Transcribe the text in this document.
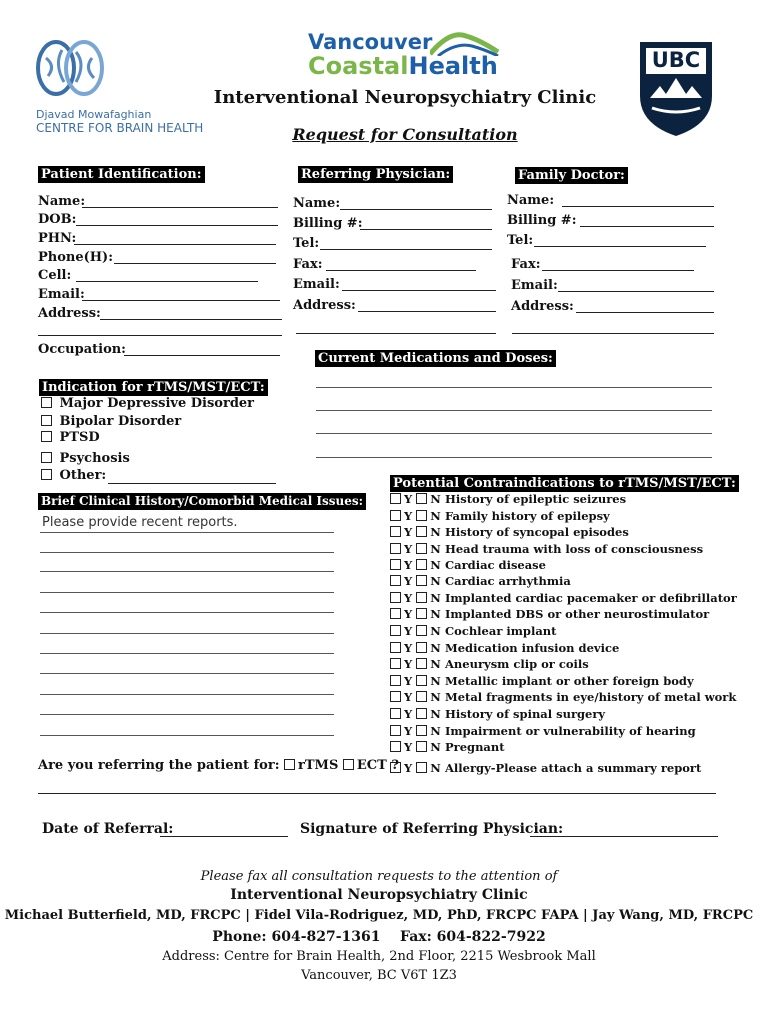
Djavad Mowafaghian
CENTRE FOR BRAIN HEALTH
Vancouver
CoastalHealth	UBC
Interventional Neuropsychiatry Clinic
Request for Consultation
Patient Identification:
Name:
DOB:
PHN:
Phone(H):
Cell:
Email:
Address:
Occupation:
Referring Physician:
Name:
Billing #:
Tel:
Fax:
Email:
Address:
Family Doctor:
Name:
Billing #:
Tel:
Fax:
Email:
Address:
Current Medications and Doses:
Indication for rTMS/MST/ECT:
Major Depressive Disorder
Bipolar Disorder
PTSD
Psychosis
Other:
Brief Clinical History/Comorbid Medical Issues:
Please provide recent reports.
Potential Contraindications to rTMS/MST/ECT:
Y N History of epileptic seizures
Y N Family history of epilepsy
Y N History of syncopal episodes
Y N Head trauma with loss of consciousness
Y N Cardiac disease
Y N Cardiac arrhythmia
Y N Implanted cardiac pacemaker or defibrillator
Y N Implanted DBS or other neurostimulator
Y N Cochlear implant
Y N Medication infusion device
Y N Aneurysm clip or coils
Y N Metallic implant or other foreign body
Y N Metal fragments in eye/history of metal work
Y N History of spinal surgery
Y N Impairment or vulnerability of hearing
Y N Pregnant
Y N Allergy-Please attach a summary report
Are you referring the patient for: rTMS ECT ?
Date of Referral:	Signature of Referring Physician:
Please fax all consultation requests to the attention of
Interventional Neuropsychiatry Clinic
Michael Butterfield, MD, FRCPC | Fidel Vila-Rodriguez, MD, PhD, FRCPC FAPA | Jay Wang, MD, FRCPC
Phone: 604-827-1361 Fax: 604-822-7922
Address: Centre for Brain Health, 2nd Floor, 2215 Wesbrook Mall
Vancouver, BC V6T 1Z3
